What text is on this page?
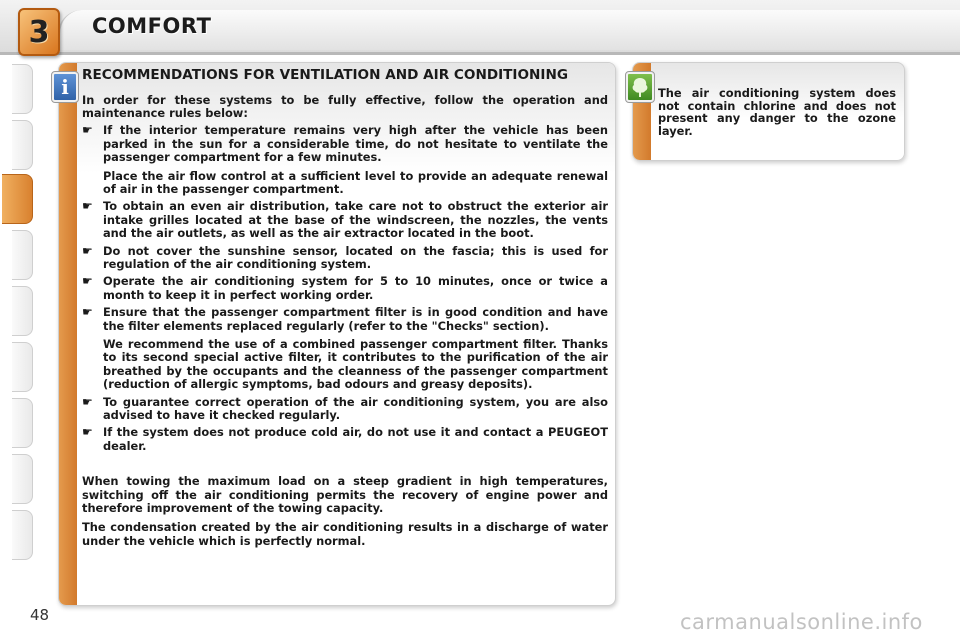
3 COMFORT
i RECOMMENDATIONS FOR VENTILATION AND AIR CONDITIONING

In order for these systems to be fully effective, follow the operation and maintenance rules below:

☛ If the interior temperature remains very high after the vehicle has been parked in the sun for a considerable time, do not hesitate to ventilate the passenger compartment for a few minutes.

Place the air flow control at a sufficient level to provide an adequate renewal of air in the passenger compartment.

☛ To obtain an even air distribution, take care not to obstruct the exterior air intake grilles located at the base of the windscreen, the nozzles, the vents and the air outlets, as well as the air extractor located in the boot.

☛ Do not cover the sunshine sensor, located on the fascia; this is used for regulation of the air conditioning system.

☛ Operate the air conditioning system for 5 to 10 minutes, once or twice a month to keep it in perfect working order.

☛ Ensure that the passenger compartment filter is in good condition and have the filter elements replaced regularly (refer to the "Checks" section).

We recommend the use of a combined passenger compartment filter. Thanks to its second special active filter, it contributes to the purification of the air breathed by the occupants and the cleanness of the passenger compartment (reduction of allergic symptoms, bad odours and greasy deposits).

☛ To guarantee correct operation of the air conditioning system, you are also advised to have it checked regularly.

☛ If the system does not produce cold air, do not use it and contact a PEUGEOT dealer.

When towing the maximum load on a steep gradient in high temperatures, switching off the air conditioning permits the recovery of engine power and therefore improvement of the towing capacity.

The condensation created by the air conditioning results in a discharge of water under the vehicle which is perfectly normal.

The air conditioning system does not contain chlorine and does not present any danger to the ozone layer.
48	carmanualsonline.info
